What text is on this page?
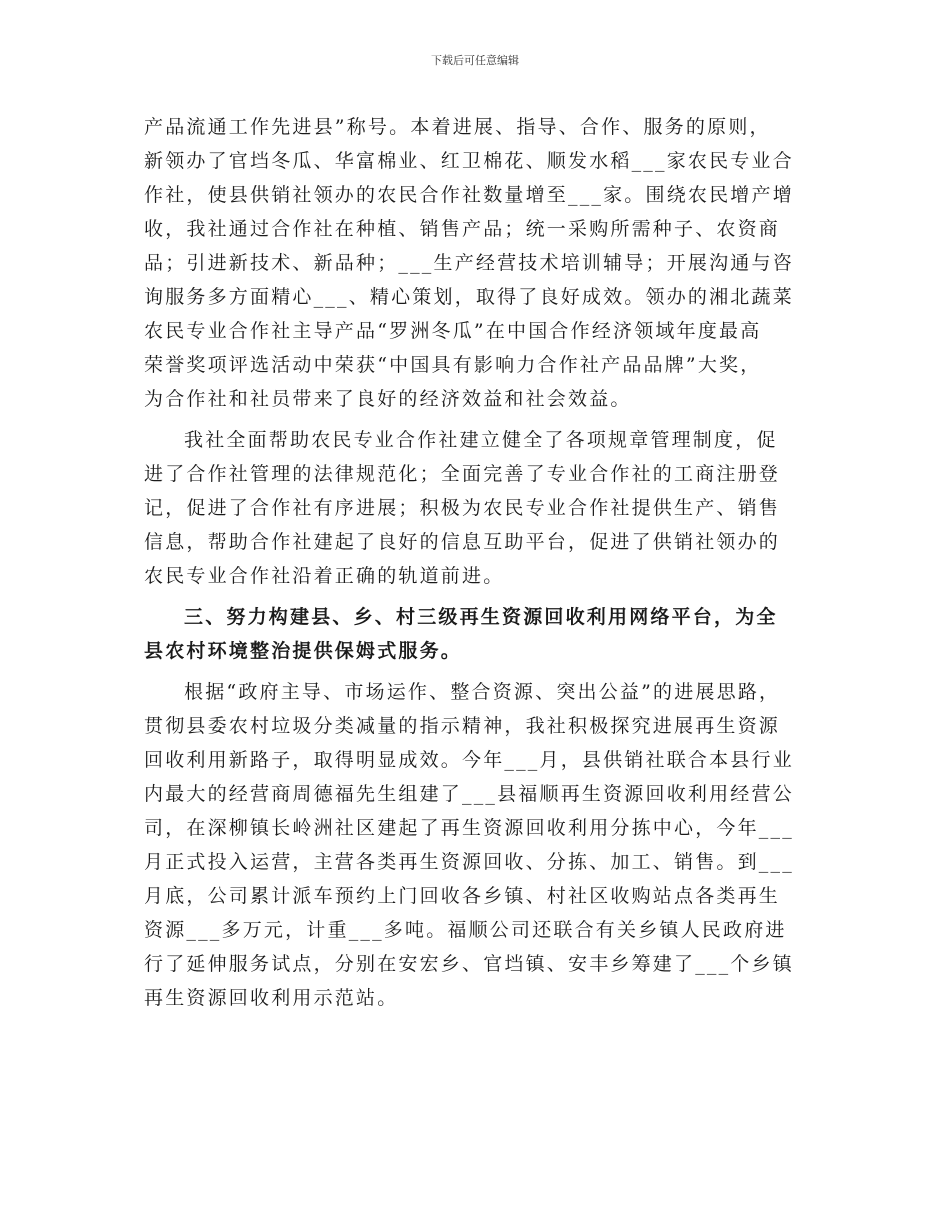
下载后可任意编辑
产品流通工作先进县”称号。本着进展、指导、合作、服务的原则，
新领办了官垱冬瓜、华富棉业、红卫棉花、顺发水稻___家农民专业合
作社，使县供销社领办的农民合作社数量增至___家。围绕农民增产增
收，我社通过合作社在种植、销售产品；统一采购所需种子、农资商
品；引进新技术、新品种；___生产经营技术培训辅导；开展沟通与咨
询服务多方面精心___、精心策划，取得了良好成效。领办的湘北蔬菜
农民专业合作社主导产品“罗洲冬瓜”在中国合作经济领域年度最高
荣誉奖项评选活动中荣获“中国具有影响力合作社产品品牌”大奖，
为合作社和社员带来了良好的经济效益和社会效益。
我社全面帮助农民专业合作社建立健全了各项规章管理制度，促
进了合作社管理的法律规范化；全面完善了专业合作社的工商注册登
记，促进了合作社有序进展；积极为农民专业合作社提供生产、销售
信息，帮助合作社建起了良好的信息互助平台，促进了供销社领办的
农民专业合作社沿着正确的轨道前进。
三、努力构建县、乡、村三级再生资源回收利用网络平台，为全
县农村环境整治提供保姆式服务。
根据“政府主导、市场运作、整合资源、突出公益”的进展思路，
贯彻县委农村垃圾分类减量的指示精神，我社积极探究进展再生资源
回收利用新路子，取得明显成效。今年___月，县供销社联合本县行业
内最大的经营商周德福先生组建了___县福顺再生资源回收利用经营公
司，在深柳镇长岭洲社区建起了再生资源回收利用分拣中心，今年___
月正式投入运营，主营各类再生资源回收、分拣、加工、销售。到___
月底，公司累计派车预约上门回收各乡镇、村社区收购站点各类再生
资源___多万元，计重___多吨。福顺公司还联合有关乡镇人民政府进
行了延伸服务试点，分别在安宏乡、官垱镇、安丰乡筹建了___个乡镇
再生资源回收利用示范站。
